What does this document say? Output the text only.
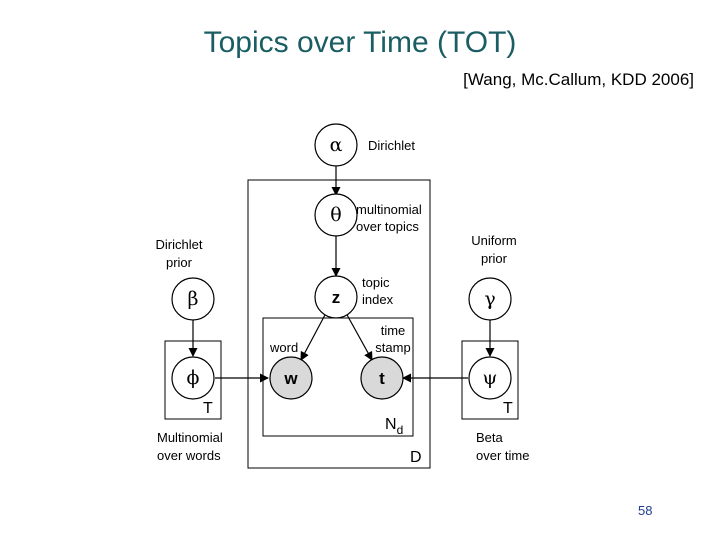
Topics over Time (TOT)
[Wang, Mc.Callum, KDD 2006]
58
α
θ
z
β	γ
ϕ	w	t	ψ
Dirichlet
multinomial
over topics
Dirichlet
prior
Uniform
prior
topic
index
word
time
stamp
Multinomial
over words
Beta
over time
T	T
D
$N_d$
